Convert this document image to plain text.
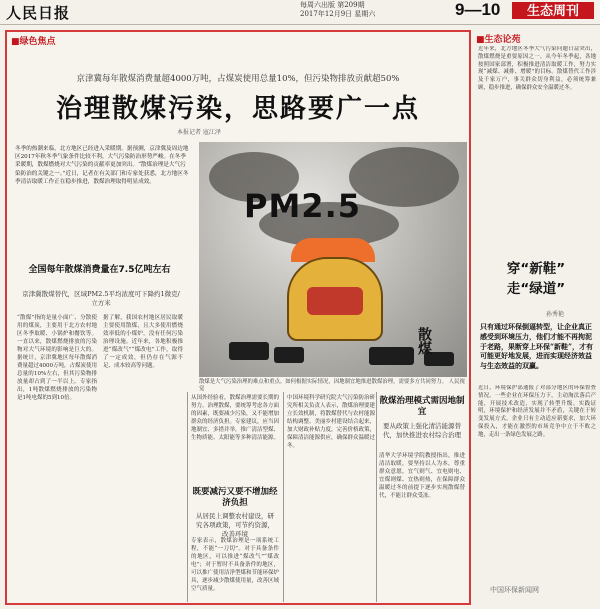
人民日报	每周六出版 第209期
2017年12月9日 星期六	9—10	生态周刊
■绿色焦点
京津冀每年散煤消费量超4000万吨，占煤炭使用总量10%，但污染物排放贡献超50%
治理散煤污染，思路要广一点
本报记者 寇江泽
冬季的热潮来临，北方地区已经进入采暖期。据预测，京津冀及周边地区2017年秋冬季气象条件比较不利，大气污染防治形势严峻。在冬季采暖期，散煤燃烧对大气污染的贡献率更加突出。“散煤治理是大气污染防治的关键之一。”近日，记者在有关部门和专家处获悉，北方地区冬季清洁取暖工作正在稳步推进，散煤治理取得明显成效。
PM2.5
散煤
散煤是大气污染治理的难点和重点。如何根据实际情况，因地制宜地推进散煤治理，需要多方共同努力。 人民视觉
全国每年散煤消费量在7.5亿吨左右
京津冀散煤替代，区域PM2.5平均浓度可下降约1微克/立方米
“散煤”指的是量小面广、分散使用的煤炭，主要用于北方农村地区冬季取暖、小锅炉和餐饮等。一直以来，散煤燃烧排放的污染物对大气环境的影响是巨大的。据统计，京津冀地区每年散煤消费量超过4000万吨，占煤炭使用总量的10%左右，但其污染物排放量却占到了一半以上。专家指出，1吨散煤燃烧排放的污染物是1吨电煤的5到10倍。
据了解，我国农村地区居民取暖主要使用散煤，且大多使用燃烧效率低的小煤炉，没有任何污染治理设施。近年来，各地积极推进“煤改气”“煤改电”工作，取得了一定成效，但仍存在气源不足、成本较高等问题。
从国外经验看，散煤治理需要长期的努力。治理散煤，要统筹考虑各方面的因素，既要减少污染，又不能增加群众的经济负担。专家建议，应当因地制宜、多措并举，推广清洁型煤、生物质能、太阳能等多种清洁能源。
既要减污又要不增加经济负担
从居民上调整农村建设，研究各项政策，可节约资源，改善环境
专家表示，散煤治理是一项系统工程，不能“一刀切”。对于具备条件的地区，可以推进“煤改气”“煤改电”；对于暂时不具备条件的地区，可以推广使用洁净型煤和节能环保炉具，逐步减少散煤使用量，改善区域空气质量。
中国环境科学研究院大气污染防治研究所相关负责人表示，散煤治理要建立长效机制，将散煤替代与农村能源结构调整、美丽乡村建设结合起来，加大财政补贴力度，完善价格政策，保障清洁能源供应，确保群众温暖过冬。
散煤治理模式需因地制宜
要从政策上强化清洁能源替代，加快推进农村综合治理
清华大学环境学院教授指出，推进清洁取暖，要坚持以人为本，尊重群众意愿，宜气则气、宜电则电、宜煤则煤、宜热则热，在保障群众温暖过冬的前提下逐步实现散煤替代，不能让群众受冻。
■生态论苑
近年来，北方地区冬季大气污染问题日益突出，散煤燃烧是重要原因之一。从今年冬季起，各地按照国家部署，积极推进清洁取暖工作，努力实现“减煤、减排、增暖”的目标。散煤替代工作涉及千家万户，事关群众切身利益，必须统筹兼顾，稳步推进，确保群众安全温暖过冬。
穿“新鞋”
走“绿道”
孙秀艳
只有通过环保倒逼转型，让企业真正感受到环境压力，他们才能不再拘泥于老路，果断穿上环保“新鞋”，才有可能更好地发展，进而实现经济效益与生态效益的双赢。
近日，环境保护部通报了对部分地区的环保督查情况。一些企业在环保压力下，主动淘汰落后产能，开展技术改造，实现了转型升级。实践证明，环境保护和经济发展并不矛盾，关键在于转变发展方式。企业只有主动适应新要求，加大环保投入，才能在激烈的市场竞争中立于不败之地，走出一条绿色发展之路。
中国环保新闻网
